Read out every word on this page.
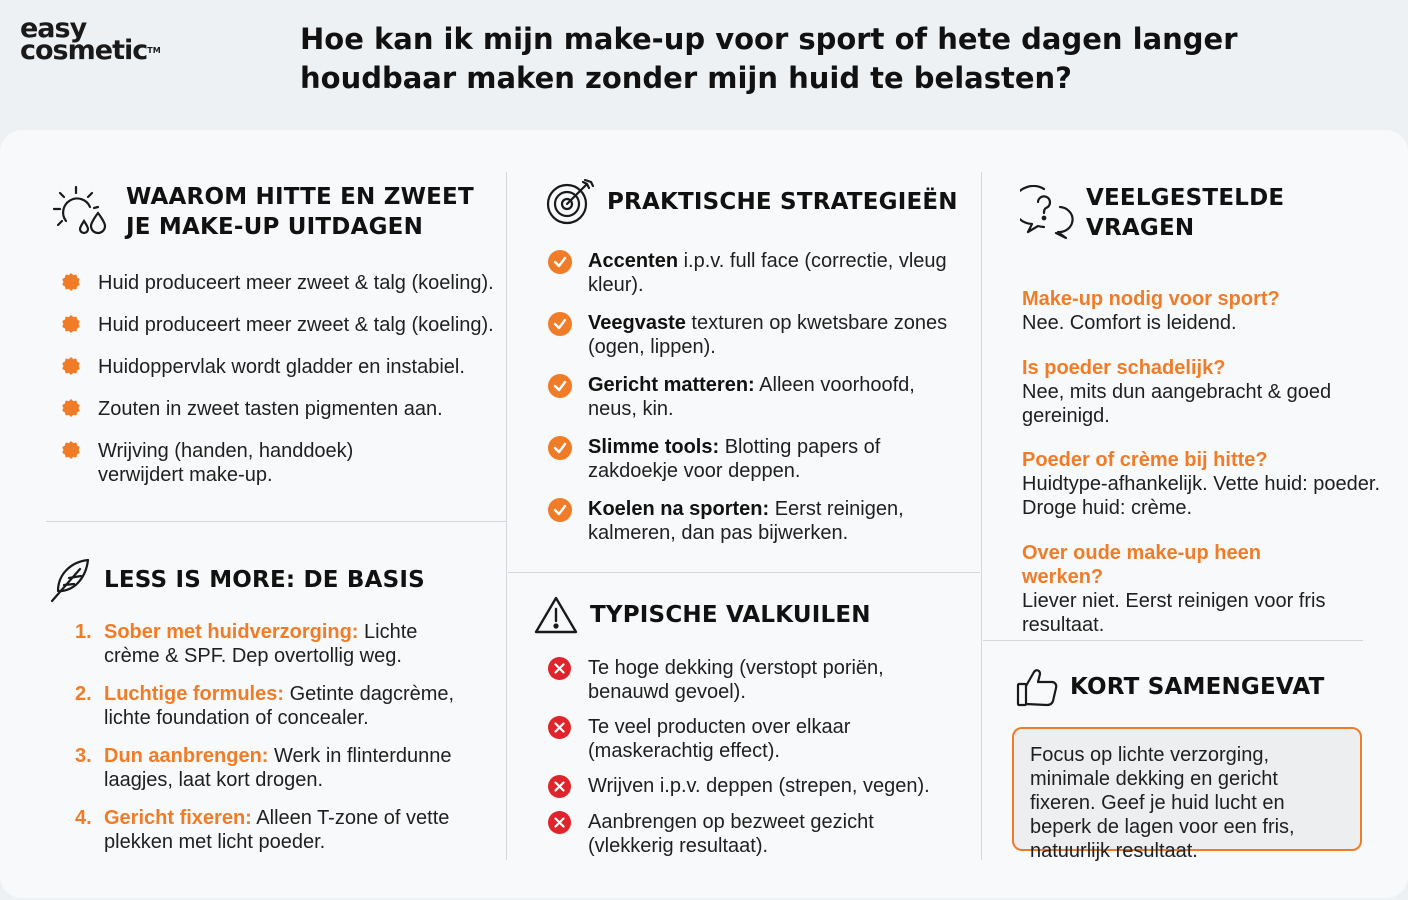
easy
cosmetic™	Hoe kan ik mijn make-up voor sport of hete dagen langer
houdbaar maken zonder mijn huid te belasten?
WAAROM HITTE EN ZWEET
JE MAKE-UP UITDAGEN
Huid produceert meer zweet & talg (koeling).
Huid produceert meer zweet & talg (koeling).
Huidoppervlak wordt gladder en instabiel.
Zouten in zweet tasten pigmenten aan.
Wrijving (handen, handdoek) verwijdert make-up.
LESS IS MORE: DE BASIS
1. Sober met huidverzorging: Lichte crème & SPF. Dep overtollig weg.
2. Luchtige formules: Getinte dagcrème, lichte foundation of concealer.
3. Dun aanbrengen: Werk in flinterdunne laagjes, laat kort drogen.
4. Gericht fixeren: Alleen T-zone of vette plekken met licht poeder.
PRAKTISCHE STRATEGIEËN
Accenten i.p.v. full face (correctie, vleug kleur).
Veegvaste texturen op kwetsbare zones (ogen, lippen).
Gericht matteren: Alleen voorhoofd, neus, kin.
Slimme tools: Blotting papers of zakdoekje voor deppen.
Koelen na sporten: Eerst reinigen, kalmeren, dan pas bijwerken.
TYPISCHE VALKUILEN
Te hoge dekking (verstopt poriën, benauwd gevoel).
Te veel producten over elkaar (maskerachtig effect).
Wrijven i.p.v. deppen (strepen, vegen).
Aanbrengen op bezweet gezicht (vlekkerig resultaat).
VEELGESTELDE
VRAGEN
Make-up nodig voor sport?
Nee. Comfort is leidend.
Is poeder schadelijk?
Nee, mits dun aangebracht & goed gereinigd.
Poeder of crème bij hitte?
Huidtype-afhankelijk. Vette huid: poeder. Droge huid: crème.
Over oude make-up heen werken?
Liever niet. Eerst reinigen voor fris resultaat.
KORT SAMENGEVAT
Focus op lichte verzorging, minimale dekking en gericht fixeren. Geef je huid lucht en beperk de lagen voor een fris, natuurlijk resultaat.
